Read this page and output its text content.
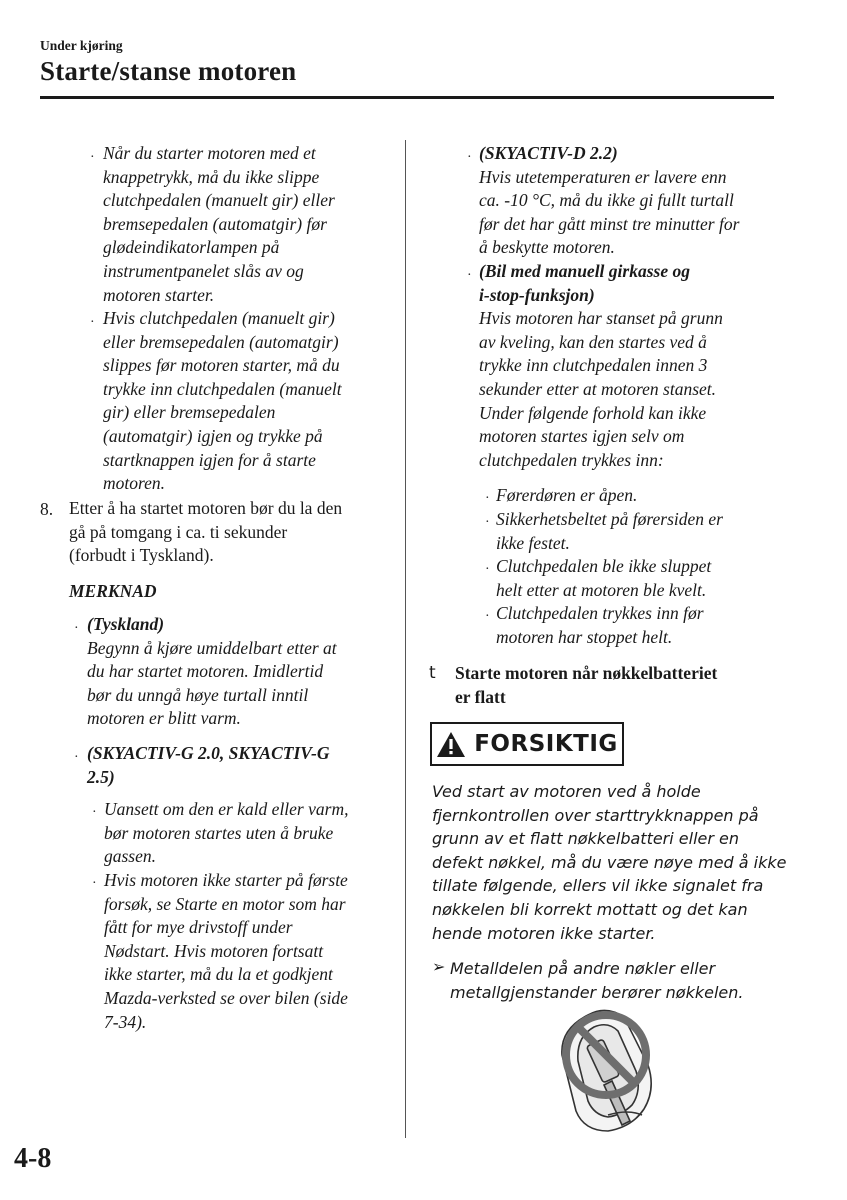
Under kjøring
Starte/stanse motoren
· Når du starter motoren med et
knappetrykk, må du ikke slippe
clutchpedalen (manuelt gir) eller
bremsepedalen (automatgir) før
glødeindikatorlampen på
instrumentpanelet slås av og
motoren starter.
· Hvis clutchpedalen (manuelt gir)
eller bremsepedalen (automatgir)
slippes før motoren starter, må du
trykke inn clutchpedalen (manuelt
gir) eller bremsepedalen
(automatgir) igjen og trykke på
startknappen igjen for å starte
motoren.
8. Etter å ha startet motoren bør du la den
gå på tomgang i ca. ti sekunder
(forbudt i Tyskland).
MERKNAD
· (Tyskland)
Begynn å kjøre umiddelbart etter at
du har startet motoren. Imidlertid
bør du unngå høye turtall inntil
motoren er blitt varm.
· (SKYACTIV-G 2.0, SKYACTIV-G
2.5)
· Uansett om den er kald eller varm,
bør motoren startes uten å bruke
gassen.
· Hvis motoren ikke starter på første
forsøk, se Starte en motor som har
fått for mye drivstoff under
Nødstart. Hvis motoren fortsatt
ikke starter, må du la et godkjent
Mazda-verksted se over bilen (side
7-34).
· (SKYACTIV-D 2.2)
Hvis utetemperaturen er lavere enn
ca. -10 °C, må du ikke gi fullt turtall
før det har gått minst tre minutter for
å beskytte motoren.
· (Bil med manuell girkasse og
i-stop-funksjon)
Hvis motoren har stanset på grunn
av kveling, kan den startes ved å
trykke inn clutchpedalen innen 3
sekunder etter at motoren stanset.
Under følgende forhold kan ikke
motoren startes igjen selv om
clutchpedalen trykkes inn:
· Førerdøren er åpen.
· Sikkerhetsbeltet på førersiden er
ikke festet.
· Clutchpedalen ble ikke sluppet
helt etter at motoren ble kvelt.
· Clutchpedalen trykkes inn før
motoren har stoppet helt.
t Starte motoren når nøkkelbatteriet
er flatt
FORSIKTIG
Ved start av motoren ved å holde
fjernkontrollen over starttrykknappen på
grunn av et flatt nøkkelbatteri eller en
defekt nøkkel, må du være nøye med å ikke
tillate følgende, ellers vil ikke signalet fra
nøkkelen bli korrekt mottatt og det kan
hende motoren ikke starter.
➢ Metalldelen på andre nøkler eller
metallgjenstander berører nøkkelen.
4-8
